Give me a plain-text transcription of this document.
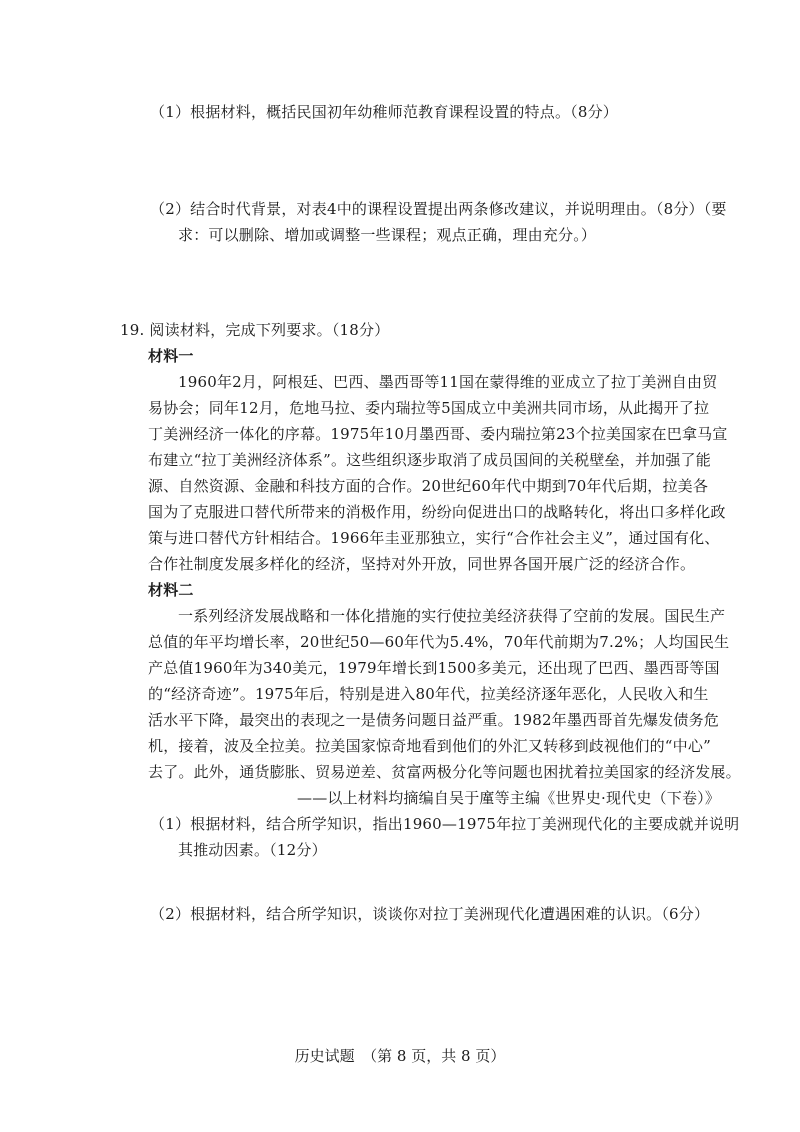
（1）根据材料，概括民国初年幼稚师范教育课程设置的特点。（8分）
（2）结合时代背景，对表4中的课程设置提出两条修改建议，并说明理由。（8分）（要
求：可以删除、增加或调整一些课程；观点正确，理由充分。）
19. 阅读材料，完成下列要求。（18分）
材料一
1960年2月，阿根廷、巴西、墨西哥等11国在蒙得维的亚成立了拉丁美洲自由贸
易协会；同年12月，危地马拉、委内瑞拉等5国成立中美洲共同市场，从此揭开了拉
丁美洲经济一体化的序幕。1975年10月墨西哥、委内瑞拉第23个拉美国家在巴拿马宣
布建立“拉丁美洲经济体系”。这些组织逐步取消了成员国间的关税壁垒，并加强了能
源、自然资源、金融和科技方面的合作。20世纪60年代中期到70年代后期，拉美各
国为了克服进口替代所带来的消极作用，纷纷向促进出口的战略转化，将出口多样化政
策与进口替代方针相结合。1966年圭亚那独立，实行“合作社会主义”，通过国有化、
合作社制度发展多样化的经济，坚持对外开放，同世界各国开展广泛的经济合作。
材料二
一系列经济发展战略和一体化措施的实行使拉美经济获得了空前的发展。国民生产
总值的年平均增长率，20世纪50—60年代为5.4%，70年代前期为7.2%；人均国民生
产总值1960年为340美元，1979年增长到1500多美元，还出现了巴西、墨西哥等国
的“经济奇迹”。1975年后，特别是进入80年代，拉美经济逐年恶化，人民收入和生
活水平下降，最突出的表现之一是债务问题日益严重。1982年墨西哥首先爆发债务危
机，接着，波及全拉美。拉美国家惊奇地看到他们的外汇又转移到歧视他们的“中心”
去了。此外，通货膨胀、贸易逆差、贫富两极分化等问题也困扰着拉美国家的经济发展。
——以上材料均摘编自吴于廑等主编《世界史·现代史（下卷）》
（1）根据材料，结合所学知识，指出1960—1975年拉丁美洲现代化的主要成就并说明
其推动因素。（12分）
（2）根据材料，结合所学知识，谈谈你对拉丁美洲现代化遭遇困难的认识。（6分）
历史试题　（第 8 页，共 8 页）
